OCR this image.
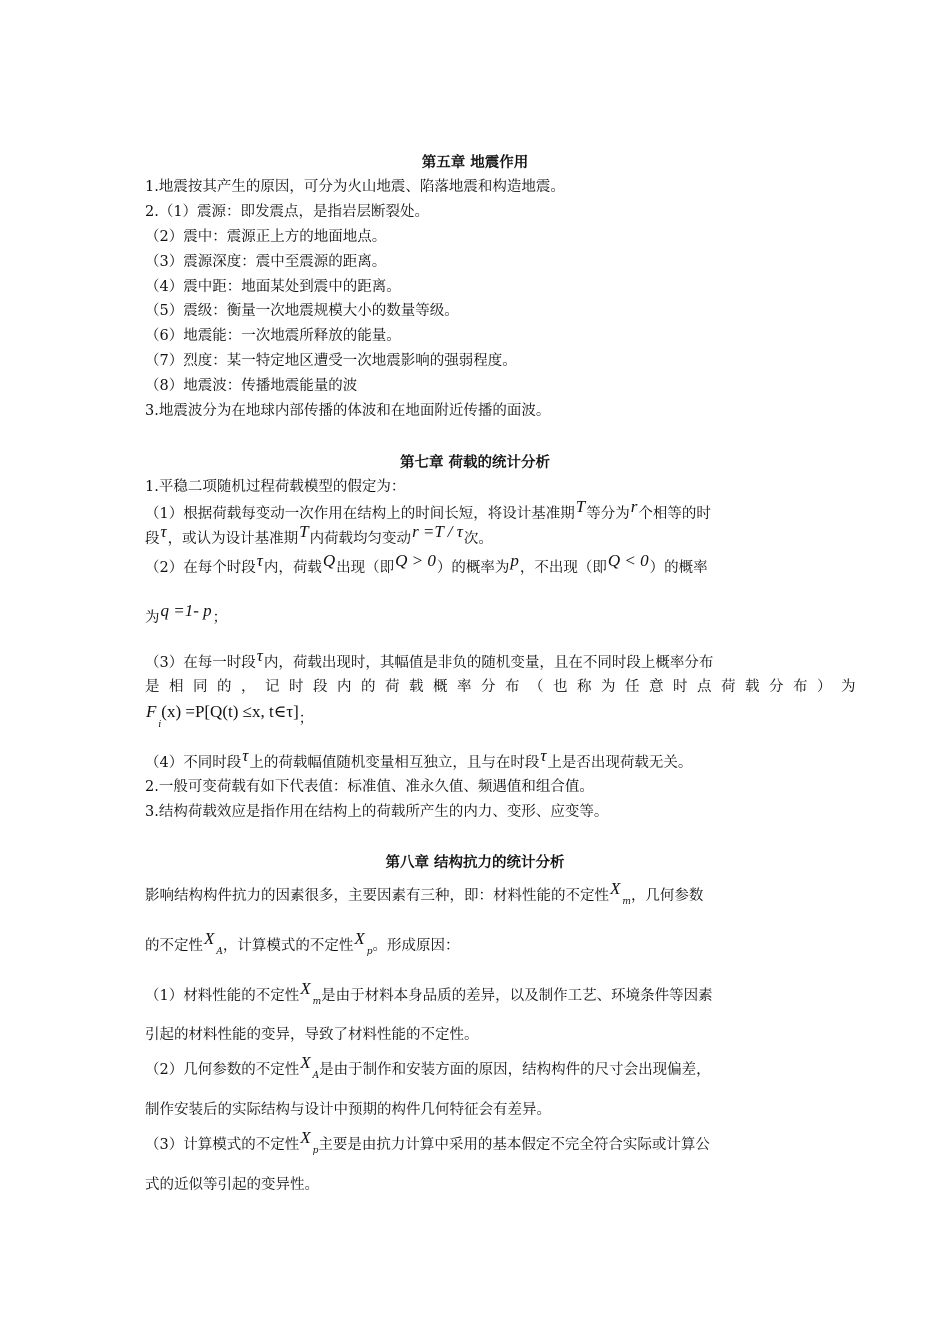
第五章 地震作用
1.地震按其产生的原因，可分为火山地震、陷落地震和构造地震。
2.（1）震源：即发震点，是指岩层断裂处。
（2）震中：震源正上方的地面地点。
（3）震源深度：震中至震源的距离。
（4）震中距：地面某处到震中的距离。
（5）震级：衡量一次地震规模大小的数量等级。
（6）地震能：一次地震所释放的能量。
（7）烈度：某一特定地区遭受一次地震影响的强弱程度。
（8）地震波：传播地震能量的波
3.地震波分为在地球内部传播的体波和在地面附近传播的面波。
第七章 荷载的统计分析
1.平稳二项随机过程荷载模型的假定为：
（1）根据荷载每变动一次作用在结构上的时间长短，将设计基准期T等分为r个相等的时
段τ，或认为设计基准期T内荷载均匀变动r =T / τ次。
（2）在每个时段τ内，荷载Q出现（即Q > 0）的概率为p，不出现（即Q < 0）的概率
为q =1- p；
（3）在每一时段τ内，荷载出现时，其幅值是非负的随机变量，且在不同时段上概率分布
是相同的，记时段内的荷载概率分布（也称为任意时点荷载分布）为
$F_i(x) =P[Q(t) \le x$, t∈τ]；
（4）不同时段τ上的荷载幅值随机变量相互独立，且与在时段τ上是否出现荷载无关。
2.一般可变荷载有如下代表值：标准值、准永久值、频遇值和组合值。
3.结构荷载效应是指作用在结构上的荷载所产生的内力、变形、应变等。
第八章 结构抗力的统计分析
影响结构构件抗力的因素很多，主要因素有三种，即：材料性能的不定性$X_m$，几何参数
的不定性$X_A$，计算模式的不定性$X_p$。形成原因：
（1）材料性能的不定性$X_m$是由于材料本身品质的差异，以及制作工艺、环境条件等因素
引起的材料性能的变异，导致了材料性能的不定性。
（2）几何参数的不定性$X_A$是由于制作和安装方面的原因，结构构件的尺寸会出现偏差，
制作安装后的实际结构与设计中预期的构件几何特征会有差异。
（3）计算模式的不定性$X_p$主要是由抗力计算中采用的基本假定不完全符合实际或计算公
式的近似等引起的变异性。
